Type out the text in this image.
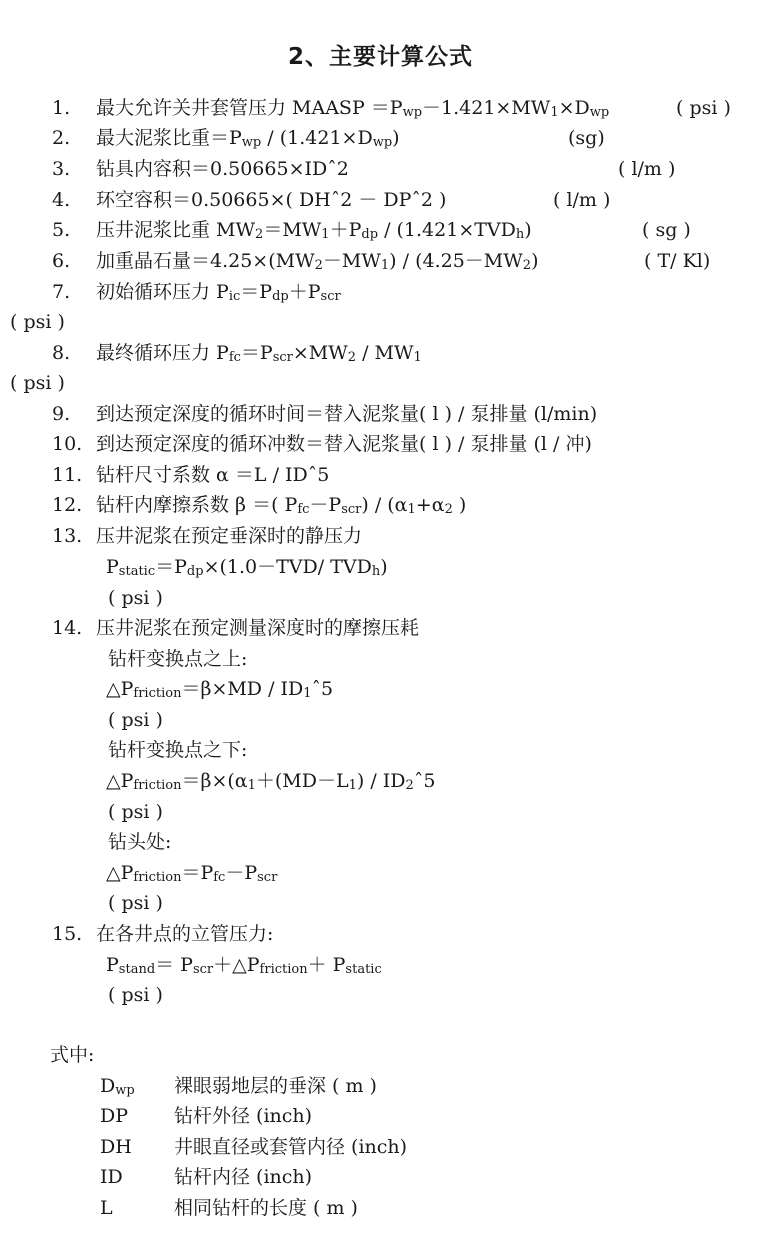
2、主要计算公式
1. 最大允许关井套管压力 MAASP $=P_{wp}-1.421\times MW_1\times D_{wp}$	( psi )
2. 最大泥浆比重$=P_{wp} / (1.421\times D_{wp})$	(sg)
3. 钻具内容积＝0.50665×IDˆ2	( l/m )
4. 环空容积＝0.50665×( DHˆ2 － DPˆ2 )	( l/m )
5. 压井泥浆比重 $MW_2=MW_1+P_{dp} / (1.421\times TVD_h)$	( sg )
6. 加重晶石量$=4.25\times(MW_2-MW_1) / (4.25-MW_2)$	( T/ Kl)
7. 初始循环压力 $P_{ic}=P_{dp}+P_{scr}$
( psi )
8. 最终循环压力 $P_{fc}=P_{scr}\times MW_2 / MW_1$
( psi )
9. 到达预定深度的循环时间＝替入泥浆量( l ) / 泵排量 (l/min)
10. 到达预定深度的循环冲数＝替入泥浆量( l ) / 泵排量 (l / 冲)
11. 钻杆尺寸系数 α ＝L / IDˆ5
12. 钻杆内摩擦系数 β ＝( $P_{fc}-P_{scr}) / (\alpha_1+\alpha_2$ )
13. 压井泥浆在预定垂深时的静压力
$P_{static}=P_{dp}\times(1.0-TVD/$ $TVD_h$)
( psi )
14. 压井泥浆在预定测量深度时的摩擦压耗
钻杆变换点之上:
$\triangle P_{friction}=\beta\times MD$ / $ID_1ˆ5$
( psi )
钻杆变换点之下:
$\triangle P_{friction}=\beta\times(\alpha_1+(MD-L_1)$ / $ID_2ˆ5$
( psi )
钻头处:
$\triangle P_{friction}=P_{fc}-P_{scr}$
( psi )
15. 在各井点的立管压力:
$P_{stand}=$ $P_{scr}+\triangle P_{friction}+ P_{static}$
( psi )
式中:
$D_{wp}$ 裸眼弱地层的垂深 ( m )
DP 钻杆外径 (inch)
DH 井眼直径或套管内径 (inch)
ID	钻杆内径 (inch)
L	相同钻杆的长度 ( m )
